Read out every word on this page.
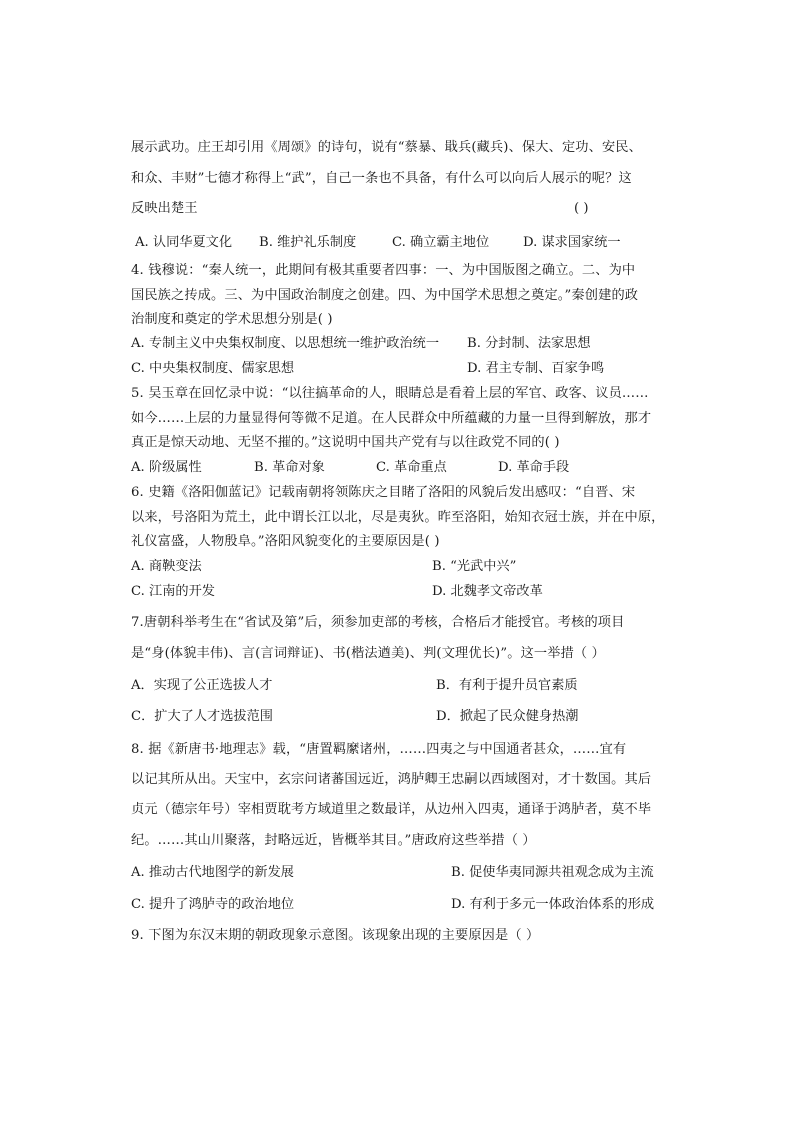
展示武功。庄王却引用《周颂》的诗句，说有“蔡暴、戢兵(藏兵)、保大、定功、安民、
和众、丰财”七德才称得上“武”，自己一条也不具备，有什么可以向后人展示的呢？这
反映出楚王	( )
A. 认同华夏文化 B. 维护礼乐制度	C. 确立霸主地位	D. 谋求国家统一
4. 钱穆说：“秦人统一，此期间有极其重要者四事：一、为中国版图之确立。二、为中
国民族之抟成。三、为中国政治制度之创建。四、为中国学术思想之奠定。”秦创建的政
治制度和奠定的学术思想分别是( )
A. 专制主义中央集权制度、以思想统一维护政治统一 B. 分封制、法家思想
C. 中央集权制度、儒家思想	D. 君主专制、百家争鸣
5. 吴玉章在回忆录中说：“以往搞革命的人，眼睛总是看着上层的军官、政客、议员……
如今……上层的力量显得何等微不足道。在人民群众中所蕴藏的力量一旦得到解放，那才
真正是惊天动地、无坚不摧的。”这说明中国共产党有与以往政党不同的( )
A. 阶级属性	B. 革命对象	C. 革命重点	D. 革命手段
6. 史籍《洛阳伽蓝记》记载南朝将领陈庆之目睹了洛阳的风貌后发出感叹：“自晋、宋
以来，号洛阳为荒土，此中谓长江以北，尽是夷狄。昨至洛阳，始知衣冠士族，并在中原，
礼仪富盛，人物殷阜。”洛阳风貌变化的主要原因是( )
A. 商鞅变法	B. “光武中兴”
C. 江南的开发	D. 北魏孝文帝改革
7.唐朝科举考生在“省试及第”后，须参加吏部的考核，合格后才能授官。考核的项目
是“身(体貌丰伟)、言(言词辩证)、书(楷法遒美)、判(文理优长)”。这一举措（ ）
A．实现了公正选拔人才	B．有利于提升员官素质
C．扩大了人才选拔范围	D．掀起了民众健身热潮
8. 据《新唐书·地理志》载，“唐置羁縻诸州，……四夷之与中国通者甚众，……宜有
以记其所从出。天宝中，玄宗问诸蕃国远近，鸿胪卿王忠嗣以西域图对，才十数国。其后
贞元（德宗年号）宰相贾耽考方域道里之数最详，从边州入四夷，通译于鸿胪者，莫不毕
纪。……其山川聚落，封略远近，皆概举其目。”唐政府这些举措（ ）
A. 推动古代地图学的新发展	B. 促使华夷同源共祖观念成为主流
C. 提升了鸿胪寺的政治地位	D. 有利于多元一体政治体系的形成
9. 下图为东汉末期的朝政现象示意图。该现象出现的主要原因是（ ）
